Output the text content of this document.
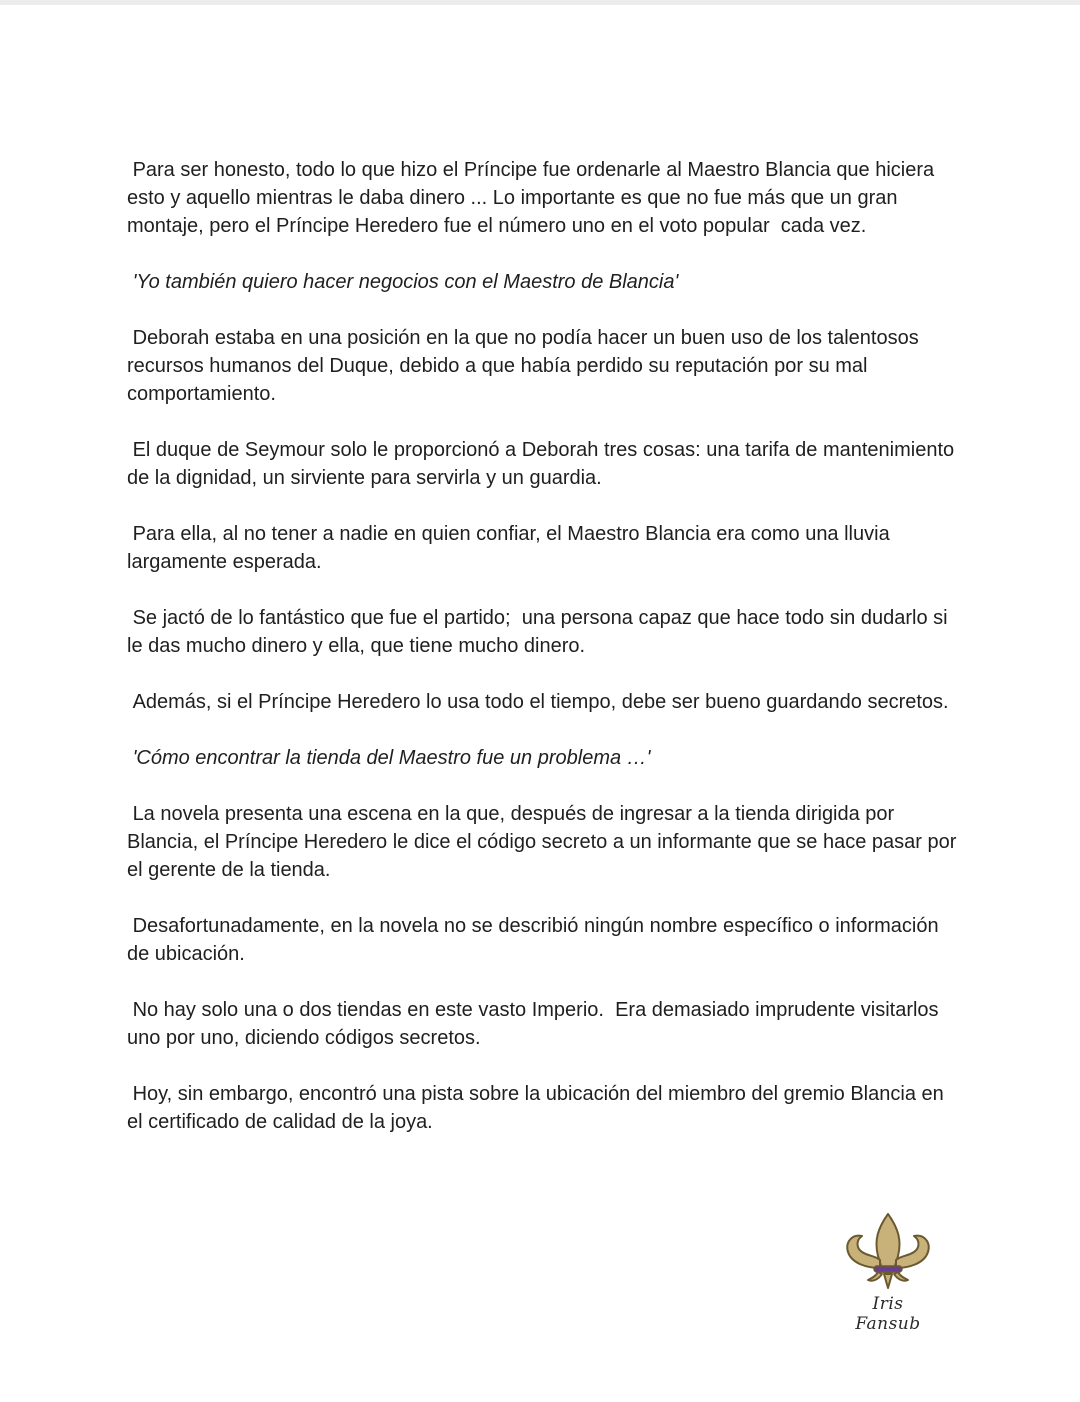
Para ser honesto, todo lo que hizo el Príncipe fue ordenarle al Maestro Blancia que hiciera esto y aquello mientras le daba dinero ... Lo importante es que no fue más que un gran montaje, pero el Príncipe Heredero fue el número uno en el voto popular  cada vez.

'Yo también quiero hacer negocios con el Maestro de Blancia'

Deborah estaba en una posición en la que no podía hacer un buen uso de los talentosos recursos humanos del Duque, debido a que había perdido su reputación por su mal comportamiento.

El duque de Seymour solo le proporcionó a Deborah tres cosas: una tarifa de mantenimiento de la dignidad, un sirviente para servirla y un guardia.

Para ella, al no tener a nadie en quien confiar, el Maestro Blancia era como una lluvia largamente esperada.

Se jactó de lo fantástico que fue el partido;  una persona capaz que hace todo sin dudarlo si le das mucho dinero y ella, que tiene mucho dinero.

Además, si el Príncipe Heredero lo usa todo el tiempo, debe ser bueno guardando secretos.

'Cómo encontrar la tienda del Maestro fue un problema …'

La novela presenta una escena en la que, después de ingresar a la tienda dirigida por Blancia, el Príncipe Heredero le dice el código secreto a un informante que se hace pasar por el gerente de la tienda.

Desafortunadamente, en la novela no se describió ningún nombre específico o información de ubicación.

No hay solo una o dos tiendas en este vasto Imperio.  Era demasiado imprudente visitarlos uno por uno, diciendo códigos secretos.

Hoy, sin embargo, encontró una pista sobre la ubicación del miembro del gremio Blancia en el certificado de calidad de la joya.

Iris Fansub
